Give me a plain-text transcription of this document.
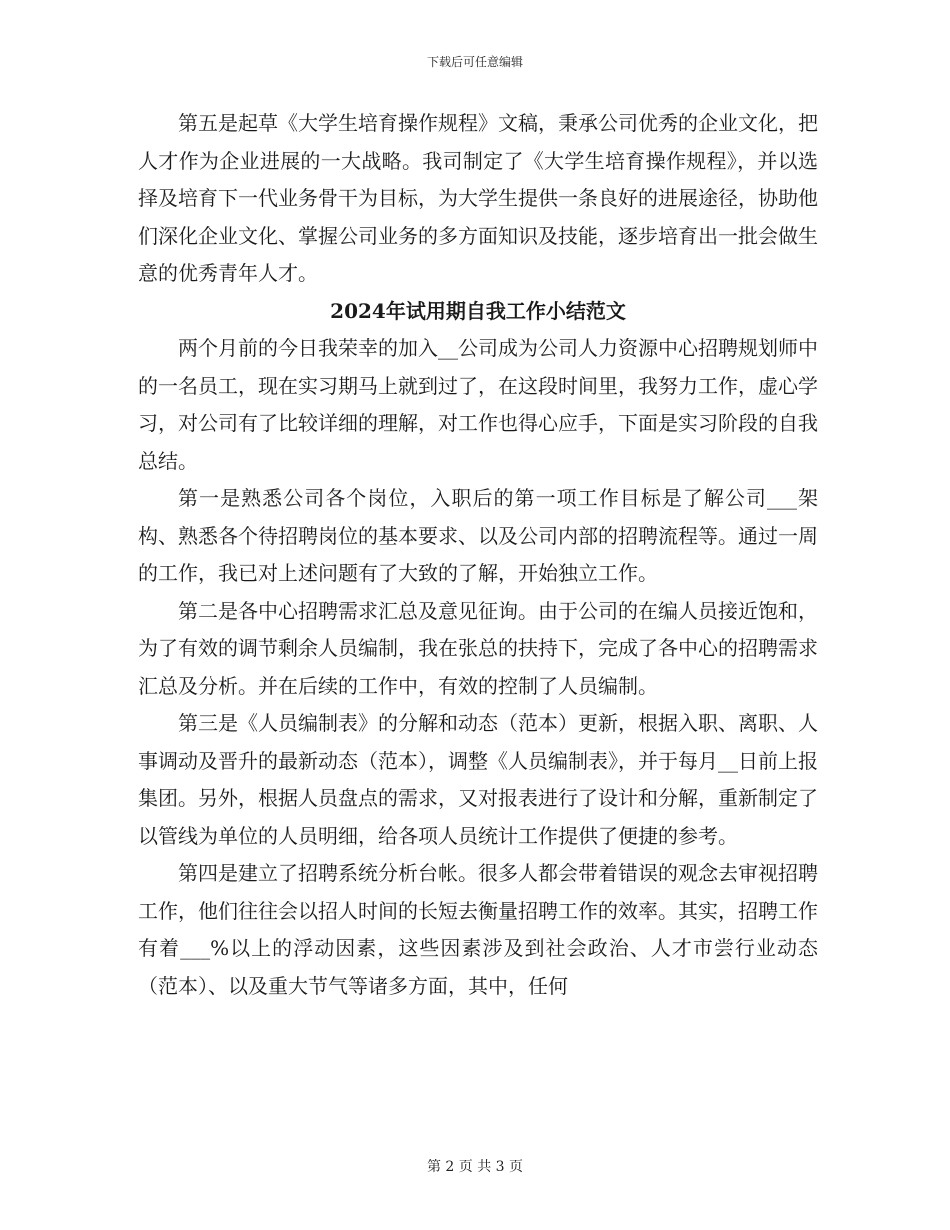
下载后可任意编辑

第五是起草《大学生培育操作规程》文稿，秉承公司优秀的企业文化，把人才作为企业进展的一大战略。我司制定了《大学生培育操作规程》，并以选择及培育下一代业务骨干为目标，为大学生提供一条良好的进展途径，协助他们深化企业文化、掌握公司业务的多方面知识及技能，逐步培育出一批会做生意的优秀青年人才。

2024年试用期自我工作小结范文

两个月前的今日我荣幸的加入__公司成为公司人力资源中心招聘规划师中的一名员工，现在实习期马上就到过了，在这段时间里，我努力工作，虚心学习，对公司有了比较详细的理解，对工作也得心应手，下面是实习阶段的自我总结。

第一是熟悉公司各个岗位，入职后的第一项工作目标是了解公司___架构、熟悉各个待招聘岗位的基本要求、以及公司内部的招聘流程等。通过一周的工作，我已对上述问题有了大致的了解，开始独立工作。

第二是各中心招聘需求汇总及意见征询。由于公司的在编人员接近饱和，为了有效的调节剩余人员编制，我在张总的扶持下，完成了各中心的招聘需求汇总及分析。并在后续的工作中，有效的控制了人员编制。

第三是《人员编制表》的分解和动态（范本）更新，根据入职、离职、人事调动及晋升的最新动态（范本），调整《人员编制表》，并于每月__日前上报集团。另外，根据人员盘点的需求，又对报表进行了设计和分解，重新制定了以管线为单位的人员明细，给各项人员统计工作提供了便捷的参考。

第四是建立了招聘系统分析台帐。很多人都会带着错误的观念去审视招聘工作，他们往往会以招人时间的长短去衡量招聘工作的效率。其实，招聘工作有着___%以上的浮动因素，这些因素涉及到社会政治、人才市尝行业动态（范本）、以及重大节气等诸多方面，其中，任何

第 2 页 共 3 页
